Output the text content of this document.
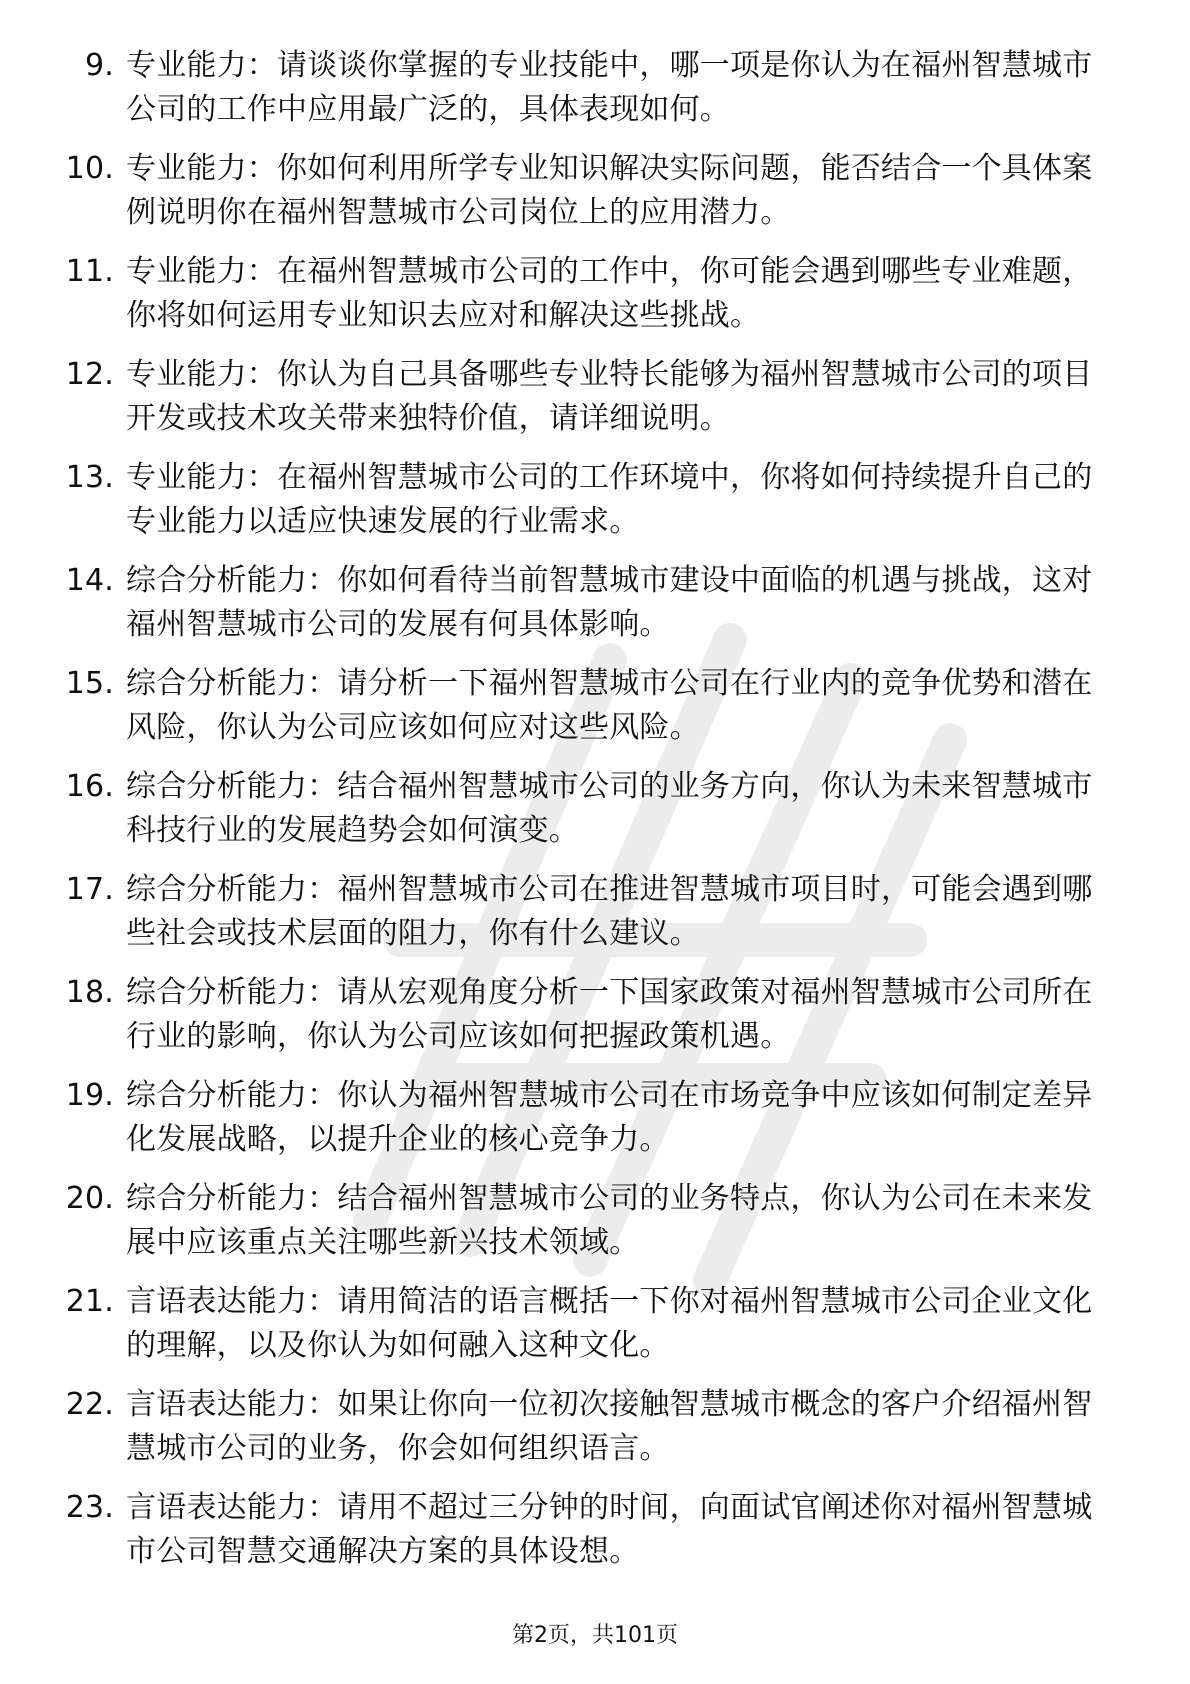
9. 专业能力：请谈谈你掌握的专业技能中，哪一项是你认为在福州智慧城市公司的工作中应用最广泛的，具体表现如何。
10. 专业能力：你如何利用所学专业知识解决实际问题，能否结合一个具体案例说明你在福州智慧城市公司岗位上的应用潜力。
11. 专业能力：在福州智慧城市公司的工作中，你可能会遇到哪些专业难题，你将如何运用专业知识去应对和解决这些挑战。
12. 专业能力：你认为自己具备哪些专业特长能够为福州智慧城市公司的项目开发或技术攻关带来独特价值，请详细说明。
13. 专业能力：在福州智慧城市公司的工作环境中，你将如何持续提升自己的专业能力以适应快速发展的行业需求。
14. 综合分析能力：你如何看待当前智慧城市建设中面临的机遇与挑战，这对福州智慧城市公司的发展有何具体影响。
15. 综合分析能力：请分析一下福州智慧城市公司在行业内的竞争优势和潜在风险，你认为公司应该如何应对这些风险。
16. 综合分析能力：结合福州智慧城市公司的业务方向，你认为未来智慧城市科技行业的发展趋势会如何演变。
17. 综合分析能力：福州智慧城市公司在推进智慧城市项目时，可能会遇到哪些社会或技术层面的阻力，你有什么建议。
18. 综合分析能力：请从宏观角度分析一下国家政策对福州智慧城市公司所在行业的影响，你认为公司应该如何把握政策机遇。
19. 综合分析能力：你认为福州智慧城市公司在市场竞争中应该如何制定差异化发展战略，以提升企业的核心竞争力。
20. 综合分析能力：结合福州智慧城市公司的业务特点，你认为公司在未来发展中应该重点关注哪些新兴技术领域。
21. 言语表达能力：请用简洁的语言概括一下你对福州智慧城市公司企业文化的理解，以及你认为如何融入这种文化。
22. 言语表达能力：如果让你向一位初次接触智慧城市概念的客户介绍福州智慧城市公司的业务，你会如何组织语言。
23. 言语表达能力：请用不超过三分钟的时间，向面试官阐述你对福州智慧城市公司智慧交通解决方案的具体设想。
第2页，共101页
